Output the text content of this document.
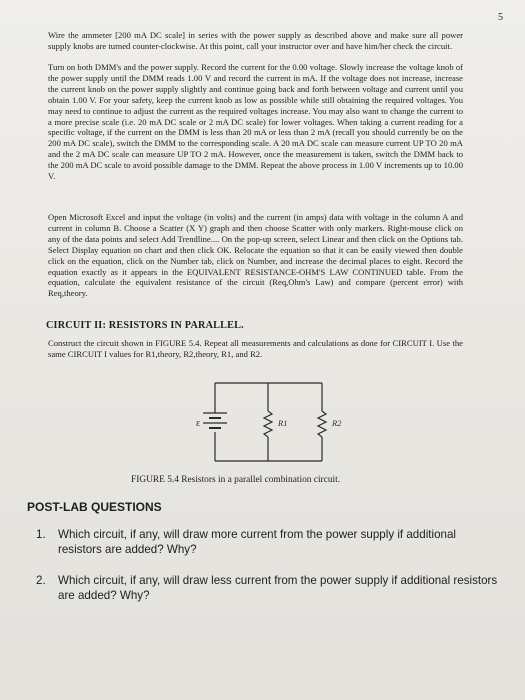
5
Wire the ammeter [200 mA DC scale] in series with the power supply as described above and make sure all power supply knobs are turned counter-clockwise. At this point, call your instructor over and have him/her check the circuit.
Turn on both DMM's and the power supply. Record the current for the 0.00 voltage. Slowly increase the voltage knob of the power supply until the DMM reads 1.00 V and record the current in mA. If the voltage does not increase, increase the current knob on the power supply slightly and continue going back and forth between voltage and current until you obtain 1.00 V. For your safety, keep the current knob as low as possible while still obtaining the required voltages. You may need to continue to adjust the current as the required voltages increase. You may also want to change the current to a more precise scale (i.e. 20 mA DC scale or 2 mA DC scale) for lower voltages. When taking a current reading for a specific voltage, if the current on the DMM is less than 20 mA or less than 2 mA (recall you should currently be on the 200 mA DC scale), switch the DMM to the corresponding scale. A 20 mA DC scale can measure current UP TO 20 mA and the 2 mA DC scale can measure UP TO 2 mA. However, once the measurement is taken, switch the DMM back to the 200 mA DC scale to avoid possible damage to the DMM. Repeat the above process in 1.00 V increments up to 10.00 V.
Open Microsoft Excel and input the voltage (in volts) and the current (in amps) data with voltage in the column A and current in column B. Choose a Scatter (X Y) graph and then choose Scatter with only markers. Right-mouse click on any of the data points and select Add Trendline.... On the pop-up screen, select Linear and then click on the Options tab. Select Display equation on chart and then click OK. Relocate the equation so that it can be easily viewed then double click on the equation, click on the Number tab, click on Number, and increase the decimal places to eight. Record the equation exactly as it appears in the EQUIVALENT RESISTANCE-OHM'S LAW CONTINUED table. From the equation, calculate the equivalent resistance of the circuit (Req,Ohm's Law) and compare (percent error) with Req,theory.
CIRCUIT II: RESISTORS IN PARALLEL.
Construct the circuit shown in FIGURE 5.4. Repeat all measurements and calculations as done for CIRCUIT I. Use the same CIRCUIT I values for R1,theory, R2,theory, R1, and R2.
ε	R1	R2
FIGURE 5.4 Resistors in a parallel combination circuit.
POST-LAB QUESTIONS
1. Which circuit, if any, will draw more current from the power supply if additional resistors are added? Why?
2. Which circuit, if any, will draw less current from the power supply if additional resistors are added? Why?
